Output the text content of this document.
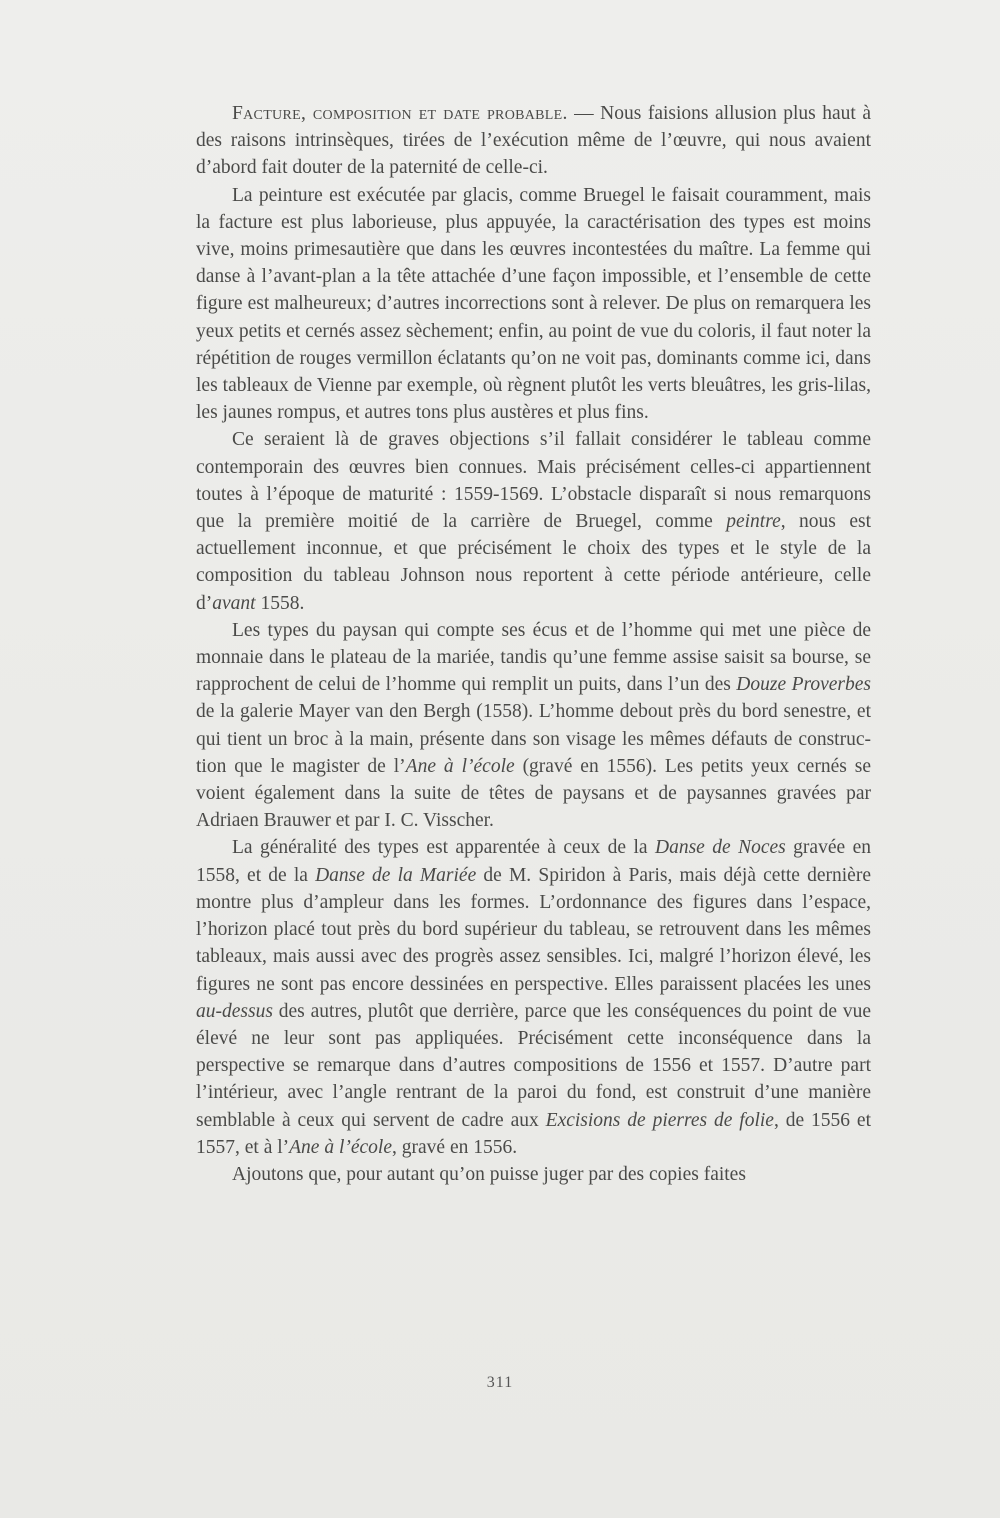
Facture, composition et date probable. — Nous faisions allusion plus haut à des raisons intrinsèques, tirées de l’exécution même de l’œuvre, qui nous avaient d’abord fait douter de la paternité de celle-ci.

La peinture est exécutée par glacis, comme Bruegel le faisait couramment, mais la facture est plus laborieuse, plus appuyée, la caractérisation des types est moins vive, moins primesautière que dans les œuvres incontestées du maître. La femme qui danse à l’avant-plan a la tête attachée d’une façon impossible, et l’ensemble de cette figure est malheureux; d’autres incorrections sont à relever. De plus on remarquera les yeux petits et cernés assez sèchement; enfin, au point de vue du coloris, il faut noter la répétition de rouges vermillon éclatants qu’on ne voit pas, dominants comme ici, dans les tableaux de Vienne par exemple, où règnent plutôt les verts bleuâtres, les gris-lilas, les jaunes rompus, et autres tons plus austères et plus fins.

Ce seraient là de graves objections s’il fallait considérer le tableau comme contemporain des œuvres bien connues. Mais précisément celles-ci appartiennent toutes à l’époque de maturité : 1559-1569. L’obstacle disparaît si nous remarquons que la première moitié de la carrière de Bruegel, comme peintre, nous est actuellement inconnue, et que précisément le choix des types et le style de la composition du tableau Johnson nous reportent à cette période antérieure, celle d’avant 1558.

Les types du paysan qui compte ses écus et de l’homme qui met une pièce de monnaie dans le plateau de la mariée, tandis qu’une femme assise saisit sa bourse, se rapprochent de celui de l’homme qui remplit un puits, dans l’un des Douze Proverbes de la galerie Mayer van den Bergh (1558). L’homme debout près du bord senestre, et qui tient un broc à la main, présente dans son visage les mêmes défauts de construction que le magister de l’Ane à l’école (gravé en 1556). Les petits yeux cernés se voient également dans la suite de têtes de paysans et de paysannes gravées par Adriaen Brauwer et par I. C. Visscher.

La généralité des types est apparentée à ceux de la Danse de Noces gravée en 1558, et de la Danse de la Mariée de M. Spiridon à Paris, mais déjà cette dernière montre plus d’ampleur dans les formes. L’ordonnance des figures dans l’espace, l’horizon placé tout près du bord supérieur du tableau, se retrouvent dans les mêmes tableaux, mais aussi avec des progrès assez sensibles. Ici, malgré l’horizon élevé, les figures ne sont pas encore dessinées en perspective. Elles paraissent placées les unes au-dessus des autres, plutôt que derrière, parce que les conséquences du point de vue élevé ne leur sont pas appliquées. Précisément cette inconséquence dans la perspective se remarque dans d’autres compositions de 1556 et 1557. D’autre part l’intérieur, avec l’angle rentrant de la paroi du fond, est construit d’une manière semblable à ceux qui servent de cadre aux Excisions de pierres de folie, de 1556 et 1557, et à l’Ane à l’école, gravé en 1556.

Ajoutons que, pour autant qu’on puisse juger par des copies faites

311
